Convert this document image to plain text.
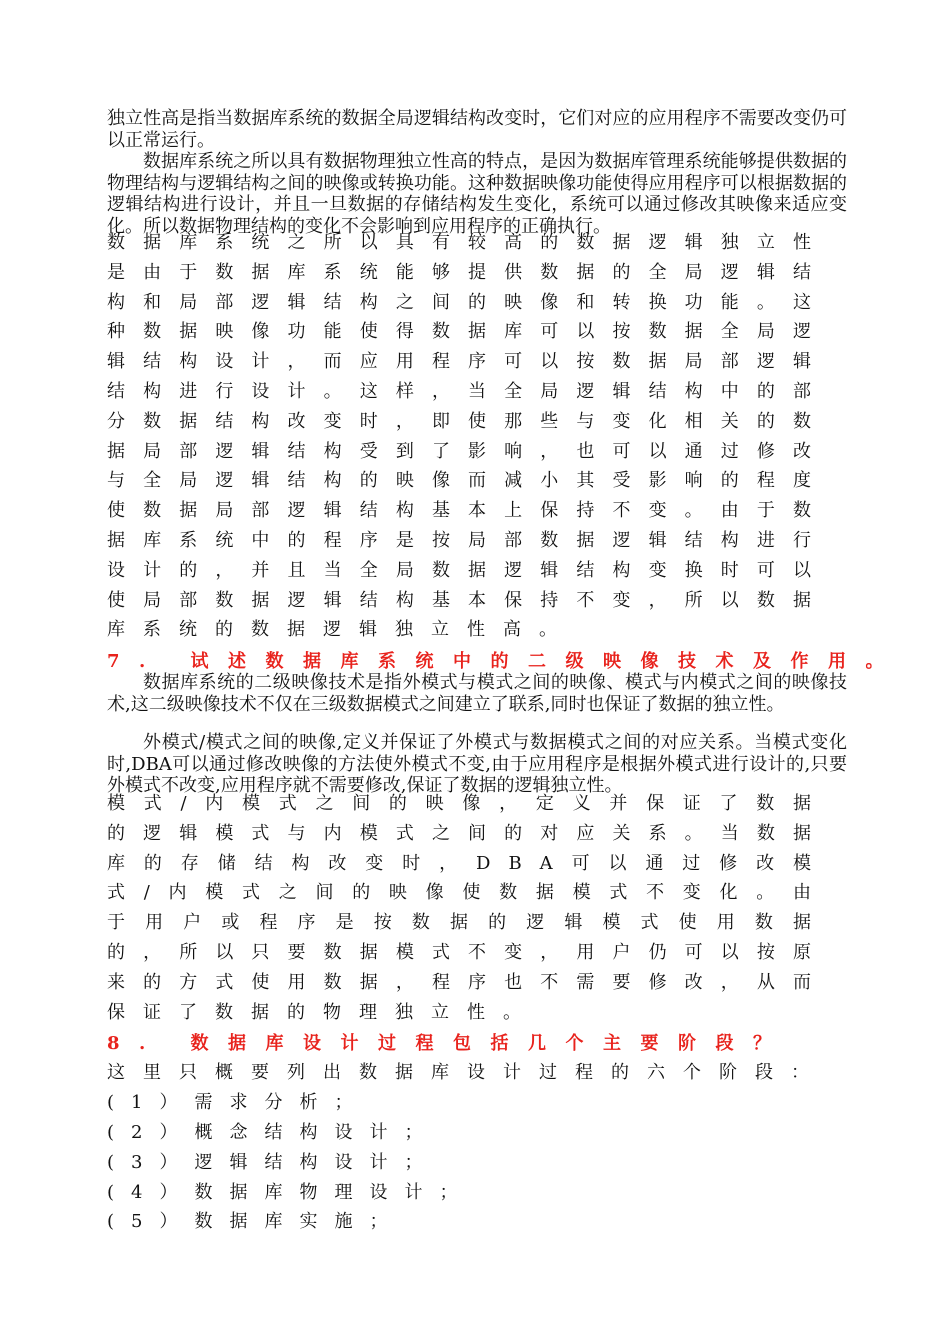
独立性高是指当数据库系统的数据全局逻辑结构改变时，它们对应的应用程序不需要改变仍可以正常运行。

数据库系统之所以具有数据物理独立性高的特点，是因为数据库管理系统能够提供数据的物理结构与逻辑结构之间的映像或转换功能。这种数据映像功能使得应用程序可以根据数据的逻辑结构进行设计，并且一旦数据的存储结构发生变化，系统可以通过修改其映像来适应变化。所以数据物理结构的变化不会影响到应用程序的正确执行。

数据库系统之所以具有较高的数据逻辑独立性是由于数据库系统能够提供数据的全局逻辑结构和局部逻辑结构之间的映像和转换功能。这种数据映像功能使得数据库可以按数据全局逻辑结构设计，而应用程序可以按数据局部逻辑结构进行设计。这样，当全局逻辑结构中的部分数据结构改变时，即使那些与变化相关的数据局部逻辑结构受到了影响，也可以通过修改与全局逻辑结构的映像而减小其受影响的程度使数据局部逻辑结构基本上保持不变。由于数据库系统中的程序是按局部数据逻辑结构进行设计的，并且当全局数据逻辑结构变换时可以使局部数据逻辑结构基本保持不变，所以数据库系统的数据逻辑独立性高。

7. 试述数据库系统中的二级映像技术及作用。

数据库系统的二级映像技术是指外模式与模式之间的映像、模式与内模式之间的映像技术,这二级映像技术不仅在三级数据模式之间建立了联系,同时也保证了数据的独立性。

外模式/模式之间的映像,定义并保证了外模式与数据模式之间的对应关系。当模式变化时,DBA可以通过修改映像的方法使外模式不变,由于应用程序是根据外模式进行设计的,只要外模式不改变,应用程序就不需要修改,保证了数据的逻辑独立性。

模式/内模式之间的映像，定义并保证了数据的逻辑模式与内模式之间的对应关系。当数据库的存储结构改变时，DBA可以通过修改模式/内模式之间的映像使数据模式不变化。由于用户或程序是按数据的逻辑模式使用数据的，所以只要数据模式不变，用户仍可以按原来的方式使用数据，程序也不需要修改，从而保证了数据的物理独立性。

8. 数据库设计过程包括几个主要阶段？

这里只概要列出数据库设计过程的六个阶段：

(1）需求分析；

(2）概念结构设计；

(3）逻辑结构设计；

(4）数据库物理设计；

(5）数据库实施；
